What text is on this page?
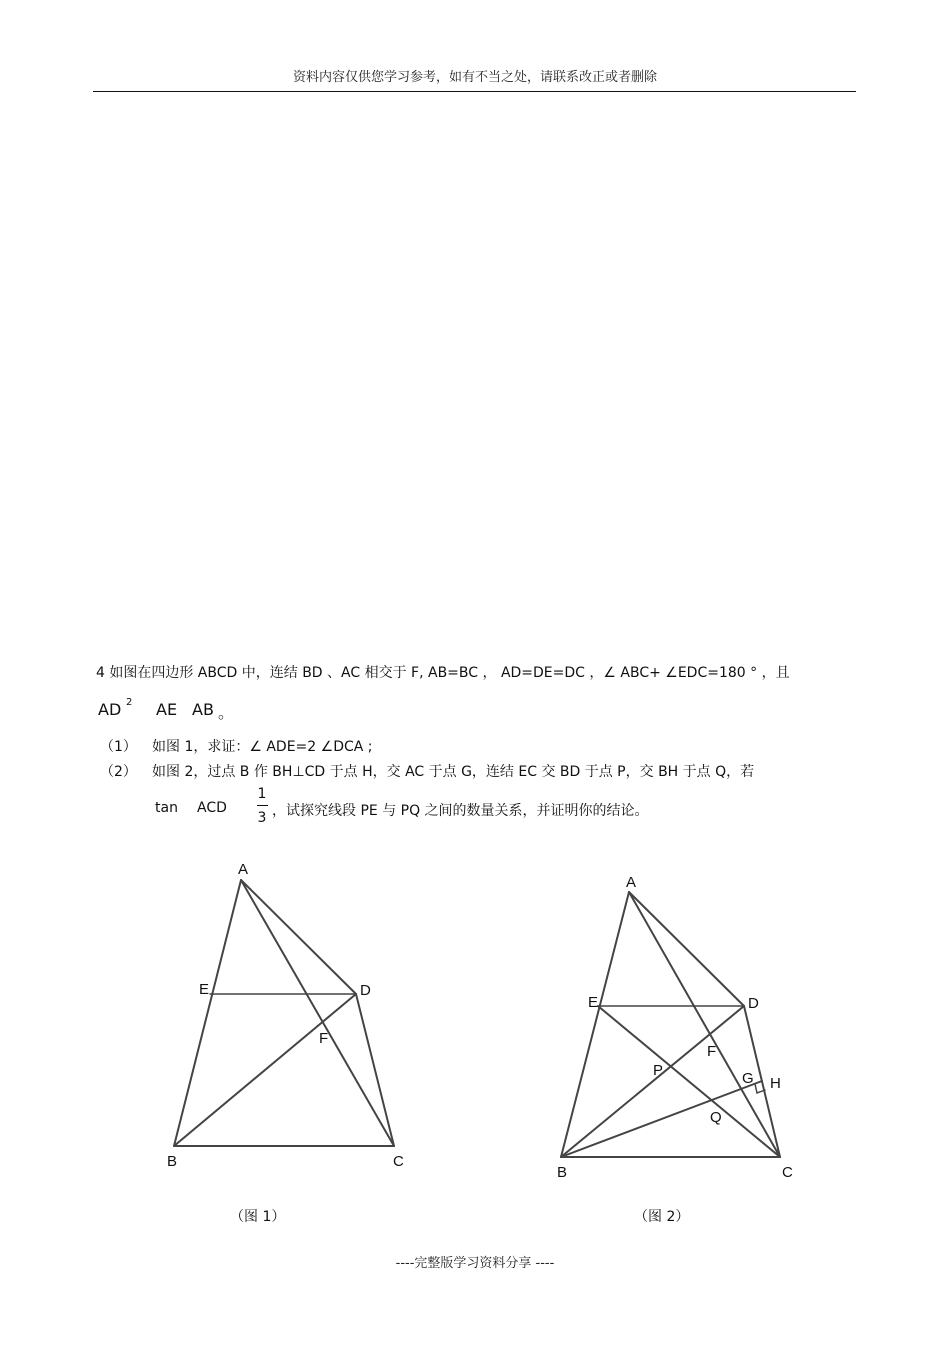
资料内容仅供您学习参考，如有不当之处，请联系改正或者删除
4 如图在四边形 ABCD 中，连结 BD 、AC 相交于 F, AB=BC ， AD=DE=DC ，∠ ABC+ ∠EDC=180 ° ，且
AD 2 AE AB 。
（1） 如图 1，求证：∠ ADE=2 ∠DCA ;
（2） 如图 2，过点 B 作 BH⊥CD 于点 H，交 AC 于点 G，连结 EC 交 BD 于点 P，交 BH 于点 Q，若
tan ACD
1
3 ，试探究线段 PE 与 PQ 之间的数量关系，并证明你的结论。
A
E	D
F
B	C
A
E	D
F
P	G H
Q
B	C
（图 1）	（图 2）
----完整版学习资料分享 ----
